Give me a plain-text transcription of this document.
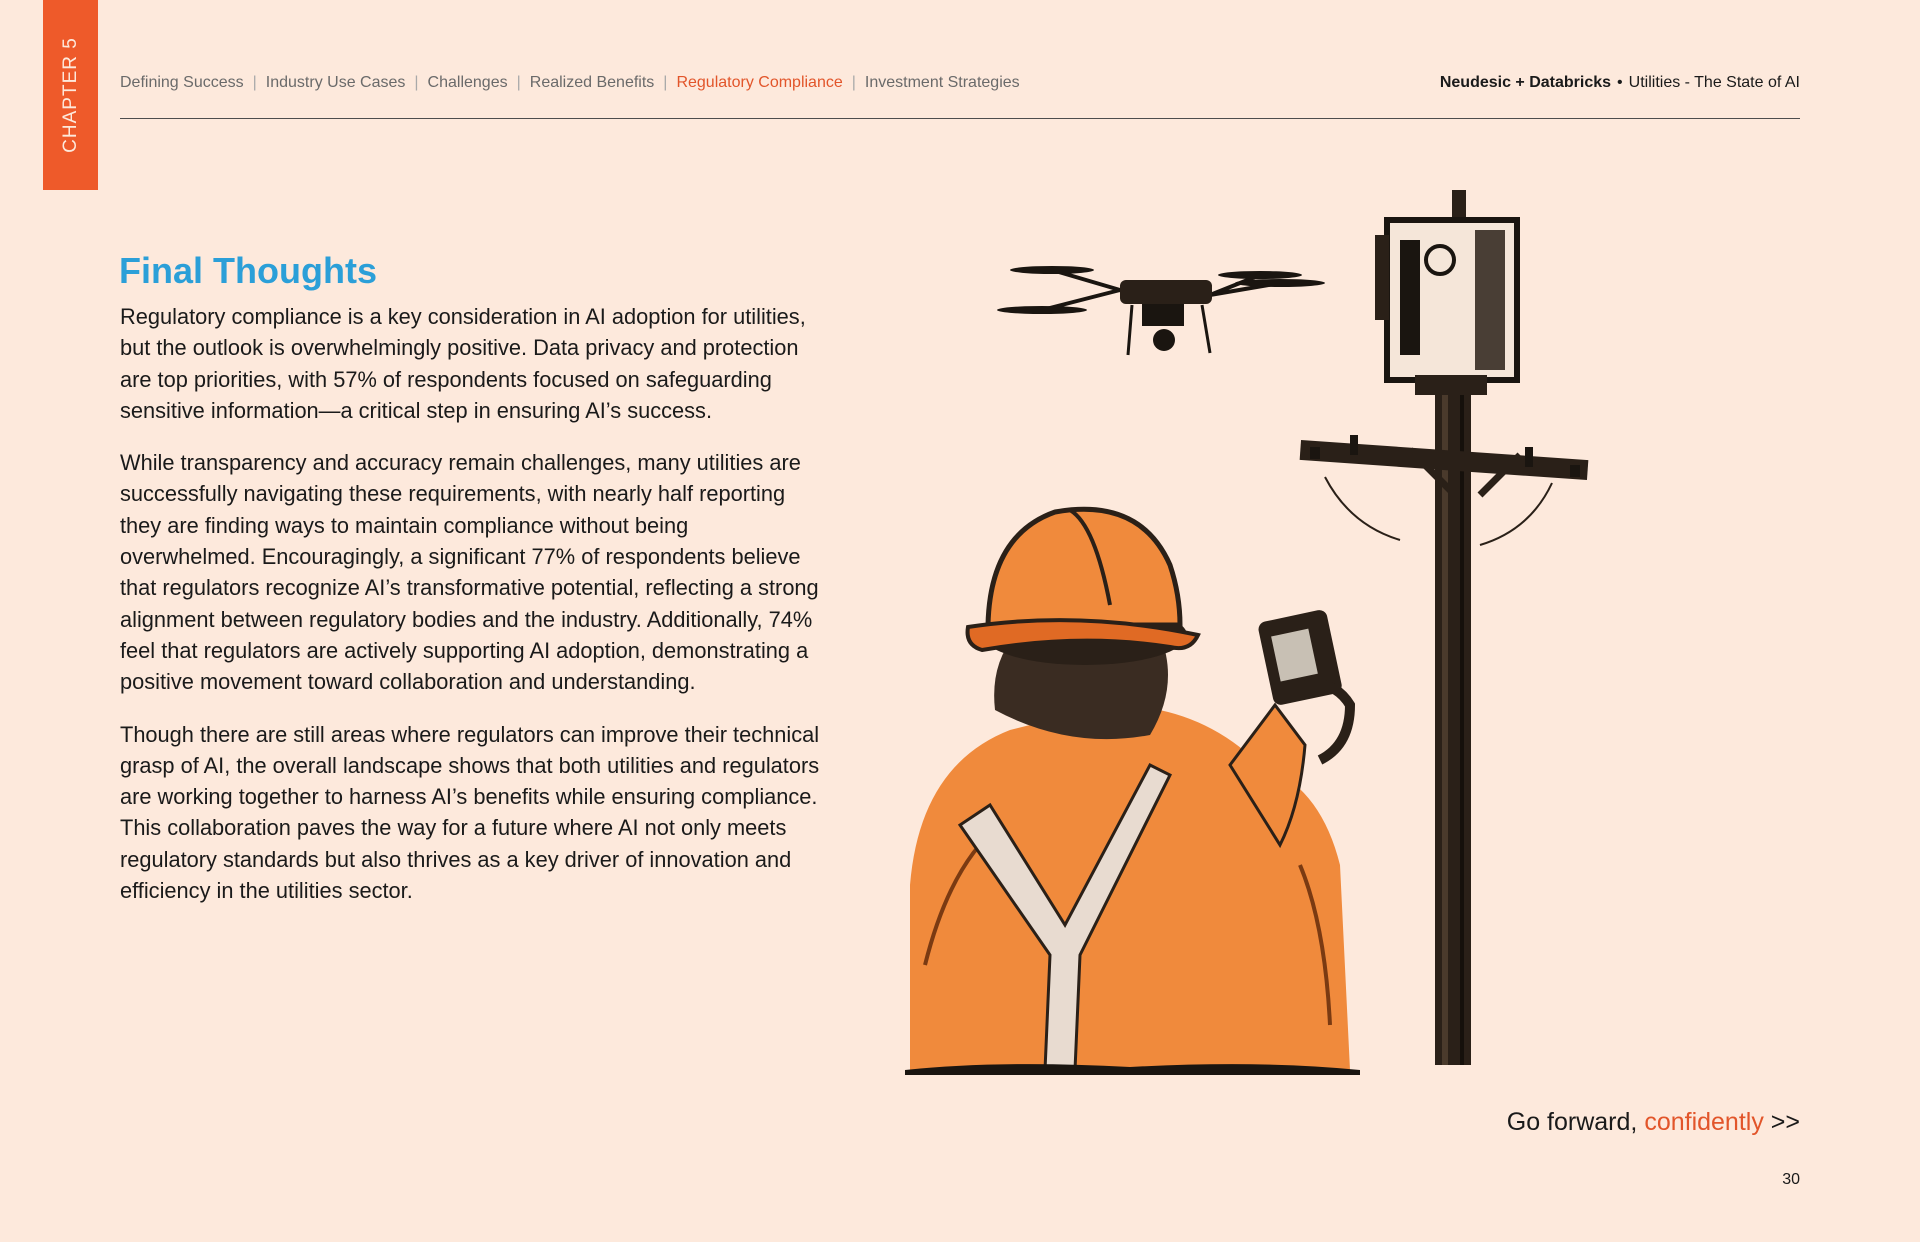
CHAPTER 5 Defining Success | Industry Use Cases | Challenges | Realized Benefits | Regulatory Compliance | Investment Strategies	Neudesic + Databricks • Utilities - The State of AI
Final Thoughts

Regulatory compliance is a key consideration in AI adoption for utilities, but the outlook is overwhelmingly positive. Data privacy and protection are top priorities, with 57% of respondents focused on safeguarding sensitive information—a critical step in ensuring AI’s success.

While transparency and accuracy remain challenges, many utilities are successfully navigating these requirements, with nearly half reporting they are finding ways to maintain compliance without being overwhelmed. Encouragingly, a significant 77% of respondents believe that regulators recognize AI’s transformative potential, reflecting a strong alignment between regulatory bodies and the industry. Additionally, 74% feel that regulators are actively supporting AI adoption, demonstrating a positive movement toward collaboration and understanding.

Though there are still areas where regulators can improve their technical grasp of AI, the overall landscape shows that both utilities and regulators are working together to harness AI’s benefits while ensuring compliance. This collaboration paves the way for a future where AI not only meets regulatory standards but also thrives as a key driver of innovation and efficiency in the utilities sector.

Go forward, confidently >>
30
